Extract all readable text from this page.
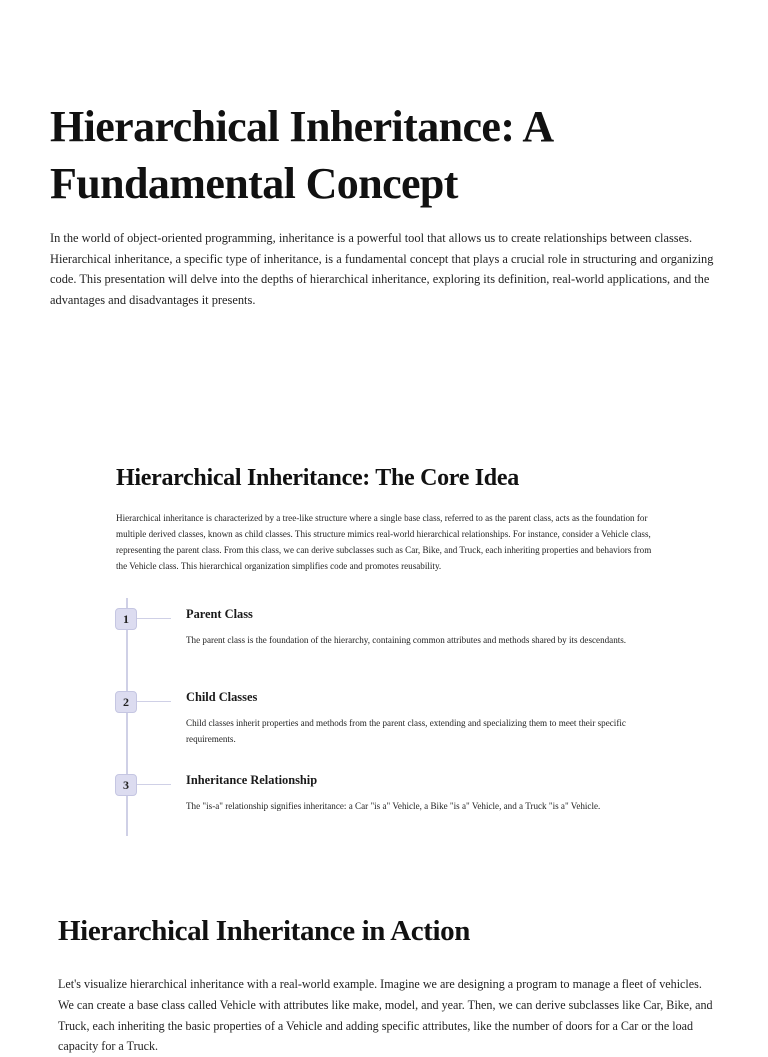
Hierarchical Inheritance: A Fundamental Concept

In the world of object-oriented programming, inheritance is a powerful tool that allows us to create relationships between classes. Hierarchical inheritance, a specific type of inheritance, is a fundamental concept that plays a crucial role in structuring and organizing code. This presentation will delve into the depths of hierarchical inheritance, exploring its definition, real-world applications, and the advantages and disadvantages it presents.

Hierarchical Inheritance: The Core Idea

Hierarchical inheritance is characterized by a tree-like structure where a single base class, referred to as the parent class, acts as the foundation for multiple derived classes, known as child classes. This structure mimics real-world hierarchical relationships. For instance, consider a Vehicle class, representing the parent class. From this class, we can derive subclasses such as Car, Bike, and Truck, each inheriting properties and behaviors from the Vehicle class. This hierarchical organization simplifies code and promotes reusability.

1	Parent Class

The parent class is the foundation of the hierarchy, containing common attributes and methods shared by its descendants.

2	Child Classes

Child classes inherit properties and methods from the parent class, extending and specializing them to meet their specific requirements.

3	Inheritance Relationship

The "is-a" relationship signifies inheritance: a Car "is a" Vehicle, a Bike "is a" Vehicle, and a Truck "is a" Vehicle.

Hierarchical Inheritance in Action

Let's visualize hierarchical inheritance with a real-world example. Imagine we are designing a program to manage a fleet of vehicles. We can create a base class called Vehicle with attributes like make, model, and year. Then, we can derive subclasses like Car, Bike, and Truck, each inheriting the basic properties of a Vehicle and adding specific attributes, like the number of doors for a Car or the load capacity for a Truck.
